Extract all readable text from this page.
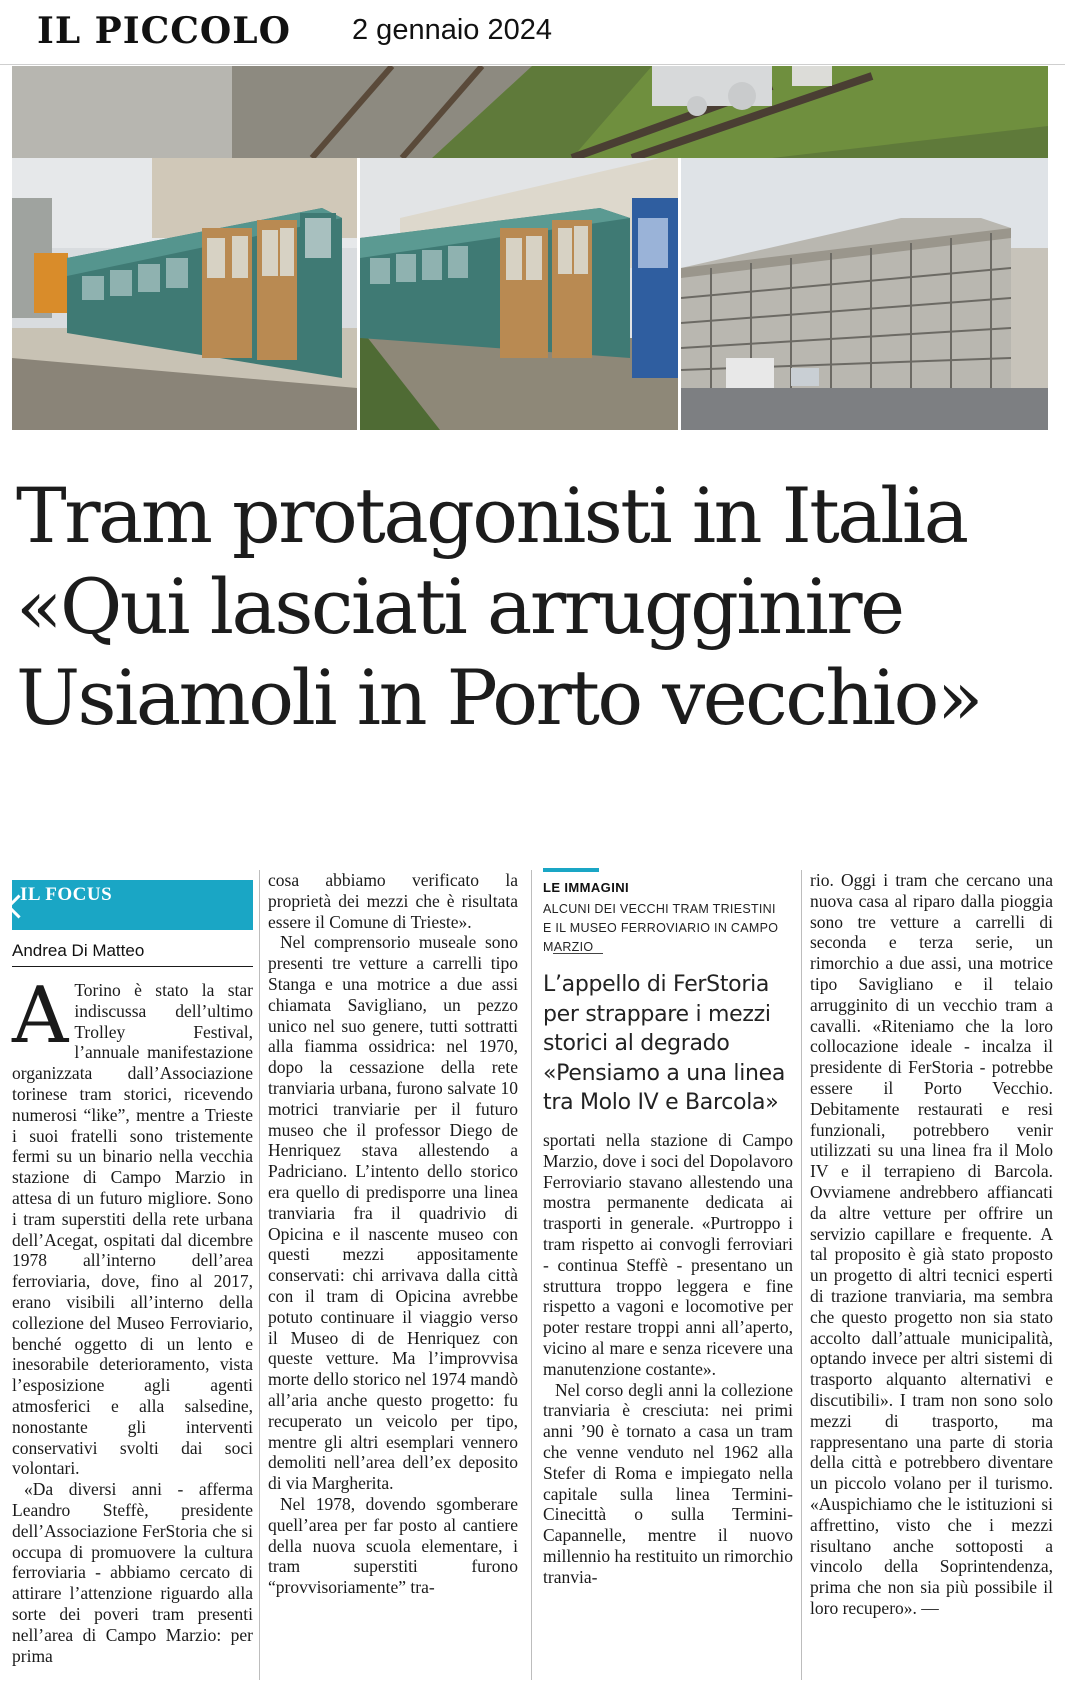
IL PICCOLO 2 gennaio 2024
Tram protagonisti in Italia
«Qui lasciati arrugginire
Usiamoli in Porto vecchio»
IL FOCUS
Andrea Di Matteo

A Torino è stato la star indiscussa dell’ultimo Trolley Festival, l’annuale manifestazione organizzata dall’Associazione torinese tram storici, ricevendo numerosi “like”, mentre a Trieste i suoi fratelli sono tristemente fermi su un binario nella vecchia stazione di Campo Marzio in attesa di un futuro migliore. Sono i tram superstiti della rete urbana dell’Acegat, ospitati dal dicembre 1978 all’interno dell’area ferroviaria, dove, fino al 2017, erano visibili all’interno della collezione del Museo Ferroviario, benché oggetto di un lento e inesorabile deterioramento, vista l’esposizione agli agenti atmosferici e alla salsedine, nonostante gli interventi conservativi svolti dai soci volontari.

«Da diversi anni - afferma Leandro Steffè, presidente dell’Associazione FerStoria che si occupa di promuovere la cultura ferroviaria - abbiamo cercato di attirare l’attenzione riguardo alla sorte dei poveri tram presenti nell’area di Campo Marzio: per prima

cosa abbiamo verificato la proprietà dei mezzi che è risultata essere il Comune di Trieste».

Nel comprensorio museale sono presenti tre vetture a carrelli tipo Stanga e una motrice a due assi chiamata Savigliano, un pezzo unico nel suo genere, tutti sottratti alla fiamma ossidrica: nel 1970, dopo la cessazione della rete tranviaria urbana, furono salvate 10 motrici tranviarie per il futuro museo che il professor Diego de Henriquez stava allestendo a Padriciano. L’intento dello storico era quello di predisporre una linea tranviaria fra il quadrivio di Opicina e il nascente museo con questi mezzi appositamente conservati: chi arrivava dalla città con il tram di Opicina avrebbe potuto continuare il viaggio verso il Museo di de Henriquez con queste vetture. Ma l’improvvisa morte dello storico nel 1974 mandò all’aria anche questo progetto: fu recuperato un veicolo per tipo, mentre gli altri esemplari vennero demoliti nell’area dell’ex deposito di via Margherita.

Nel 1978, dovendo sgomberare quell’area per far posto al cantiere della nuova scuola elementare, i tram superstiti furono “provvisoriamente” tra-

LE IMMAGINI
ALCUNI DEI VECCHI TRAM TRIESTINI E IL MUSEO FERROVIARIO IN CAMPO MARZIO
L’appello di FerStoria
per strappare i mezzi
storici al degrado
«Pensiamo a una linea
tra Molo IV e Barcola»

sportati nella stazione di Campo Marzio, dove i soci del Dopolavoro Ferroviario stavano allestendo una mostra permanente dedicata ai trasporti in generale. «Purtroppo i tram rispetto ai convogli ferroviari - continua Steffè - presentano un struttura troppo leggera e fine rispetto a vagoni e locomotive per poter restare troppi anni all’aperto, vicino al mare e senza ricevere una manutenzione costante».

Nel corso degli anni la collezione tranviaria è cresciuta: nei primi anni ’90 è tornato a casa un tram che venne venduto nel 1962 alla Stefer di Roma e impiegato nella capitale sulla linea Termini-Cinecittà o sulla Termini-Capannelle, mentre il nuovo millennio ha restituito un rimorchio tranvia-

rio. Oggi i tram che cercano una nuova casa al riparo dalla pioggia sono tre vetture a carrelli di seconda e terza serie, un rimorchio a due assi, una motrice tipo Savigliano e il telaio arrugginito di un vecchio tram a cavalli. «Riteniamo che la loro collocazione ideale - incalza il presidente di FerStoria - potrebbe essere il Porto Vecchio. Debitamente restaurati e resi funzionali, potrebbero venir utilizzati su una linea fra il Molo IV e il terrapieno di Barcola. Ovviamene andrebbero affiancati da altre vetture per offrire un servizio capillare e frequente. A tal proposito è già stato proposto un progetto di altri tecnici esperti di trazione tranviaria, ma sembra che questo progetto non sia stato accolto dall’attuale municipalità, optando invece per altri sistemi di trasporto alquanto alternativi e discutibili». I tram non sono solo mezzi di trasporto, ma rappresentano una parte di storia della città e potrebbero diventare un piccolo volano per il turismo. «Auspichiamo che le istituzioni si affrettino, visto che i mezzi risultano anche sottoposti a vincolo della Soprintendenza, prima che non sia più possibile il loro recupero». —
